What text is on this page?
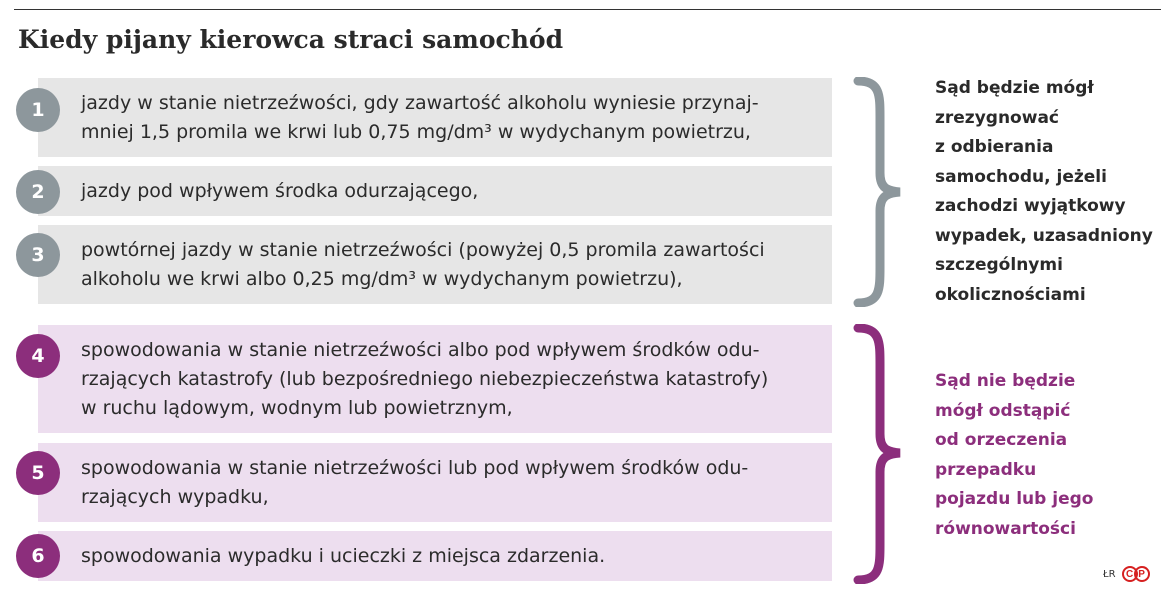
Kiedy pijany kierowca straci samochód
jazdy w stanie nietrzeźwości, gdy zawartość alkoholu wyniesie przynaj-
mniej 1,5 promila we krwi lub 0,75 mg/dm³ w wydychanym powietrzu,
1
jazdy pod wpływem środka odurzającego,
2
powtórnej jazdy w stanie nietrzeźwości (powyżej 0,5 promila zawartości
alkoholu we krwi albo 0,25 mg/dm³ w wydychanym powietrzu),
3
spowodowania w stanie nietrzeźwości albo pod wpływem środków odu-
rzających katastrofy (lub bezpośredniego niebezpieczeństwa katastrofy)
w ruchu lądowym, wodnym lub powietrznym,
4
spowodowania w stanie nietrzeźwości lub pod wpływem środków odu-
rzających wypadku,
5
spowodowania wypadku i ucieczki z miejsca zdarzenia.
6
Sąd będzie mógł
zrezygnować
z odbierania
samochodu, jeżeli
zachodzi wyjątkowy
wypadek, uzasadniony
szczególnymi
okolicznościami
Sąd nie będzie
mógł odstąpić
od orzeczenia
przepadku
pojazdu lub jego
równowartości
ŁR	C P
